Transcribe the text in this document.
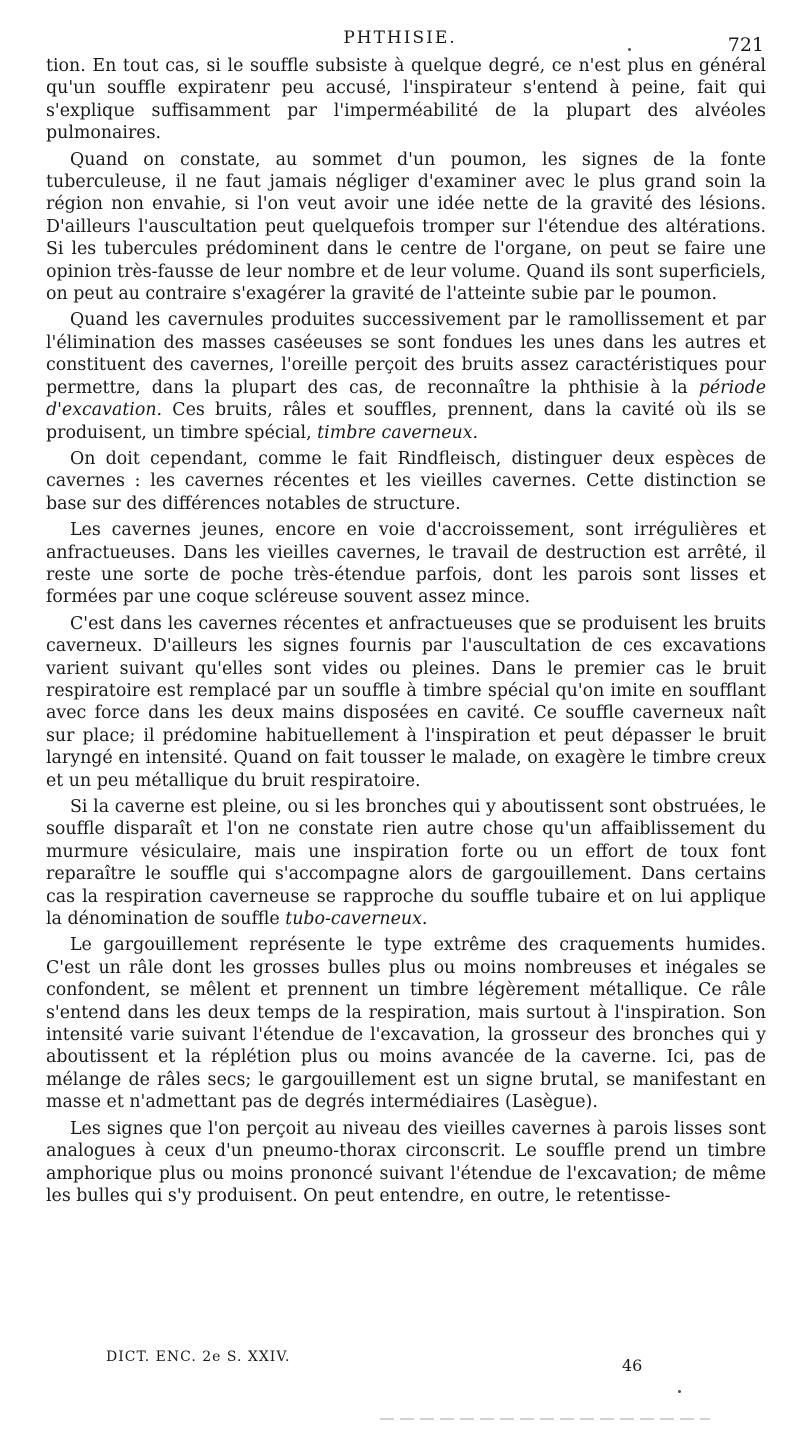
PHTHISIE.	721

tion. En tout cas, si le souffle subsiste à quelque degré, ce n'est plus en général qu'un souffle expiratenr peu accusé, l'inspirateur s'entend à peine, fait qui s'explique suffisamment par l'imperméabilité de la plupart des alvéoles pulmonaires.

Quand on constate, au sommet d'un poumon, les signes de la fonte tuberculeuse, il ne faut jamais négliger d'examiner avec le plus grand soin la région non envahie, si l'on veut avoir une idée nette de la gravité des lésions. D'ailleurs l'auscultation peut quelquefois tromper sur l'étendue des altérations. Si les tubercules prédominent dans le centre de l'organe, on peut se faire une opinion très-fausse de leur nombre et de leur volume. Quand ils sont superficiels, on peut au contraire s'exagérer la gravité de l'atteinte subie par le poumon.

Quand les cavernules produites successivement par le ramollissement et par l'élimination des masses caséeuses se sont fondues les unes dans les autres et constituent des cavernes, l'oreille perçoit des bruits assez caractéristiques pour permettre, dans la plupart des cas, de reconnaître la phthisie à la période d'excavation. Ces bruits, râles et souffles, prennent, dans la cavité où ils se produisent, un timbre spécial, timbre caverneux.

On doit cependant, comme le fait Rindfleisch, distinguer deux espèces de cavernes : les cavernes récentes et les vieilles cavernes. Cette distinction se base sur des différences notables de structure.

Les cavernes jeunes, encore en voie d'accroissement, sont irrégulières et anfractueuses. Dans les vieilles cavernes, le travail de destruction est arrêté, il reste une sorte de poche très-étendue parfois, dont les parois sont lisses et formées par une coque scléreuse souvent assez mince.

C'est dans les cavernes récentes et anfractueuses que se produisent les bruits caverneux. D'ailleurs les signes fournis par l'auscultation de ces excavations varient suivant qu'elles sont vides ou pleines. Dans le premier cas le bruit respiratoire est remplacé par un souffle à timbre spécial qu'on imite en soufflant avec force dans les deux mains disposées en cavité. Ce souffle caverneux naît sur place; il prédomine habituellement à l'inspiration et peut dépasser le bruit laryngé en intensité. Quand on fait tousser le malade, on exagère le timbre creux et un peu métallique du bruit respiratoire.

Si la caverne est pleine, ou si les bronches qui y aboutissent sont obstruées, le souffle disparaît et l'on ne constate rien autre chose qu'un affaiblissement du murmure vésiculaire, mais une inspiration forte ou un effort de toux font reparaître le souffle qui s'accompagne alors de gargouillement. Dans certains cas la respiration caverneuse se rapproche du souffle tubaire et on lui applique la dénomination de souffle tubo-caverneux.

Le gargouillement représente le type extrême des craquements humides. C'est un râle dont les grosses bulles plus ou moins nombreuses et inégales se confondent, se mêlent et prennent un timbre légèrement métallique. Ce râle s'entend dans les deux temps de la respiration, mais surtout à l'inspiration. Son intensité varie suivant l'étendue de l'excavation, la grosseur des bronches qui y aboutissent et la réplétion plus ou moins avancée de la caverne. Ici, pas de mélange de râles secs; le gargouillement est un signe brutal, se manifestant en masse et n'admettant pas de degrés intermédiaires (Lasègue).

Les signes que l'on perçoit au niveau des vieilles cavernes à parois lisses sont analogues à ceux d'un pneumo-thorax circonscrit. Le souffle prend un timbre amphorique plus ou moins prononcé suivant l'étendue de l'excavation; de même les bulles qui s'y produisent. On peut entendre, en outre, le retentisse-

DICT. ENC. 2e S. XXIV.	46
